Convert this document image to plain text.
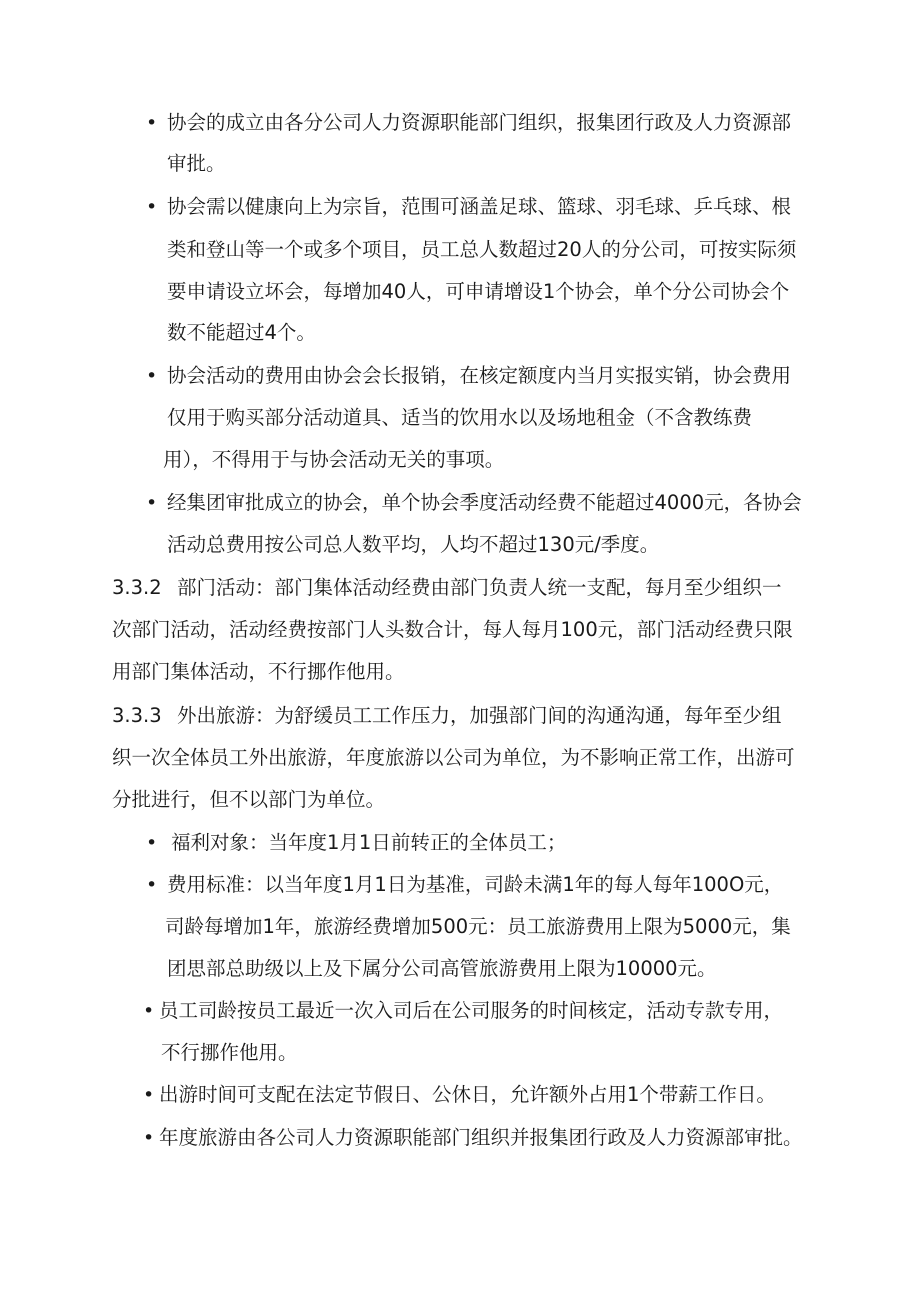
• 协会的成立由各分公司人力资源职能部门组织，报集团行政及人力资源部
审批。
• 协会需以健康向上为宗旨，范围可涵盖足球、篮球、羽毛球、乒乓球、根
类和登山等一个或多个项目，员工总人数超过20人的分公司，可按实际须
要申请设立坏会，每增加40人，可申请增设1个协会，单个分公司协会个
数不能超过4个。
• 协会活动的费用由协会会长报销，在核定额度内当月实报实销，协会费用
仅用于购买部分活动道具、适当的饮用水以及场地租金（不含教练费
用），不得用于与协会活动无关的事项。
• 经集团审批成立的协会，单个协会季度活动经费不能超过4000元，各协会
活动总费用按公司总人数平均，人均不超过130元/季度。
3.3.2 部门活动：部门集体活动经费由部门负责人统一支配，每月至少组织一
次部门活动，活动经费按部门人头数合计，每人每月100元，部门活动经费只限
用部门集体活动，不行挪作他用。
3.3.3 外出旅游：为舒缓员工工作压力，加强部门间的沟通沟通，每年至少组
织一次全体员工外出旅游，年度旅游以公司为单位，为不影响正常工作，出游可
分批进行，但不以部门为单位。
• 福利对象：当年度1月1日前转正的全体员工；
• 费用标准：以当年度1月1日为基准，司龄未满1年的每人每年100O元，
司龄每增加1年，旅游经费增加500元：员工旅游费用上限为5000元，集
团思部总助级以上及下属分公司高管旅游费用上限为10000元。
• 员工司龄按员工最近一次入司后在公司服务的时间核定，活动专款专用，
不行挪作他用。
• 出游时间可支配在法定节假日、公休日，允许额外占用1个带薪工作日。
• 年度旅游由各公司人力资源职能部门组织并报集团行政及人力资源部审批。
